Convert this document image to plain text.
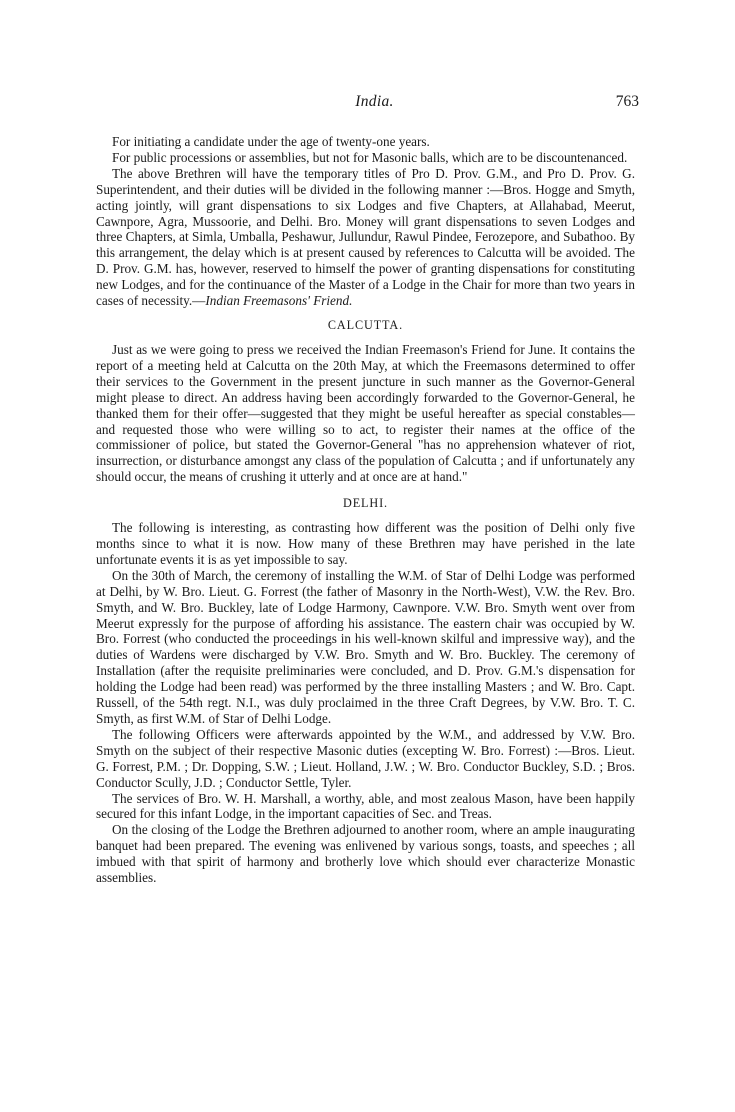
India.	763

For initiating a candidate under the age of twenty-one years.

For public processions or assemblies, but not for Masonic balls, which are to be discountenanced.

The above Brethren will have the temporary titles of Pro D. Prov. G.M., and Pro D. Prov. G. Superintendent, and their duties will be divided in the following manner :—Bros. Hogge and Smyth, acting jointly, will grant dispensations to six Lodges and five Chapters, at Allahabad, Meerut, Cawnpore, Agra, Mussoorie, and Delhi. Bro. Money will grant dispensations to seven Lodges and three Chapters, at Simla, Umballa, Peshawur, Jullundur, Rawul Pindee, Ferozepore, and Subathoo. By this arrangement, the delay which is at present caused by references to Calcutta will be avoided. The D. Prov. G.M. has, however, reserved to himself the power of granting dispensations for constituting new Lodges, and for the continuance of the Master of a Lodge in the Chair for more than two years in cases of necessity.—Indian Freemasons' Friend.

CALCUTTA.

Just as we were going to press we received the Indian Freemason's Friend for June. It contains the report of a meeting held at Calcutta on the 20th May, at which the Freemasons determined to offer their services to the Government in the present juncture in such manner as the Governor-General might please to direct. An address having been accordingly forwarded to the Governor-General, he thanked them for their offer—suggested that they might be useful hereafter as special constables—and requested those who were willing so to act, to register their names at the office of the commissioner of police, but stated the Governor-General "has no apprehension whatever of riot, insurrection, or disturbance amongst any class of the population of Calcutta ; and if unfortunately any should occur, the means of crushing it utterly and at once are at hand."

DELHI.

The following is interesting, as contrasting how different was the position of Delhi only five months since to what it is now. How many of these Brethren may have perished in the late unfortunate events it is as yet impossible to say.

On the 30th of March, the ceremony of installing the W.M. of Star of Delhi Lodge was performed at Delhi, by W. Bro. Lieut. G. Forrest (the father of Masonry in the North-West), V.W. the Rev. Bro. Smyth, and W. Bro. Buckley, late of Lodge Harmony, Cawnpore. V.W. Bro. Smyth went over from Meerut expressly for the purpose of affording his assistance. The eastern chair was occupied by W. Bro. Forrest (who conducted the proceedings in his well-known skilful and impressive way), and the duties of Wardens were discharged by V.W. Bro. Smyth and W. Bro. Buckley. The ceremony of Installation (after the requisite preliminaries were concluded, and D. Prov. G.M.'s dispensation for holding the Lodge had been read) was performed by the three installing Masters ; and W. Bro. Capt. Russell, of the 54th regt. N.I., was duly proclaimed in the three Craft Degrees, by V.W. Bro. T. C. Smyth, as first W.M. of Star of Delhi Lodge.

The following Officers were afterwards appointed by the W.M., and addressed by V.W. Bro. Smyth on the subject of their respective Masonic duties (excepting W. Bro. Forrest) :—Bros. Lieut. G. Forrest, P.M. ; Dr. Dopping, S.W. ; Lieut. Holland, J.W. ; W. Bro. Conductor Buckley, S.D. ; Bros. Conductor Scully, J.D. ; Conductor Settle, Tyler.

The services of Bro. W. H. Marshall, a worthy, able, and most zealous Mason, have been happily secured for this infant Lodge, in the important capacities of Sec. and Treas.

On the closing of the Lodge the Brethren adjourned to another room, where an ample inaugurating banquet had been prepared. The evening was enlivened by various songs, toasts, and speeches ; all imbued with that spirit of harmony and brotherly love which should ever characterize Monastic assemblies.
